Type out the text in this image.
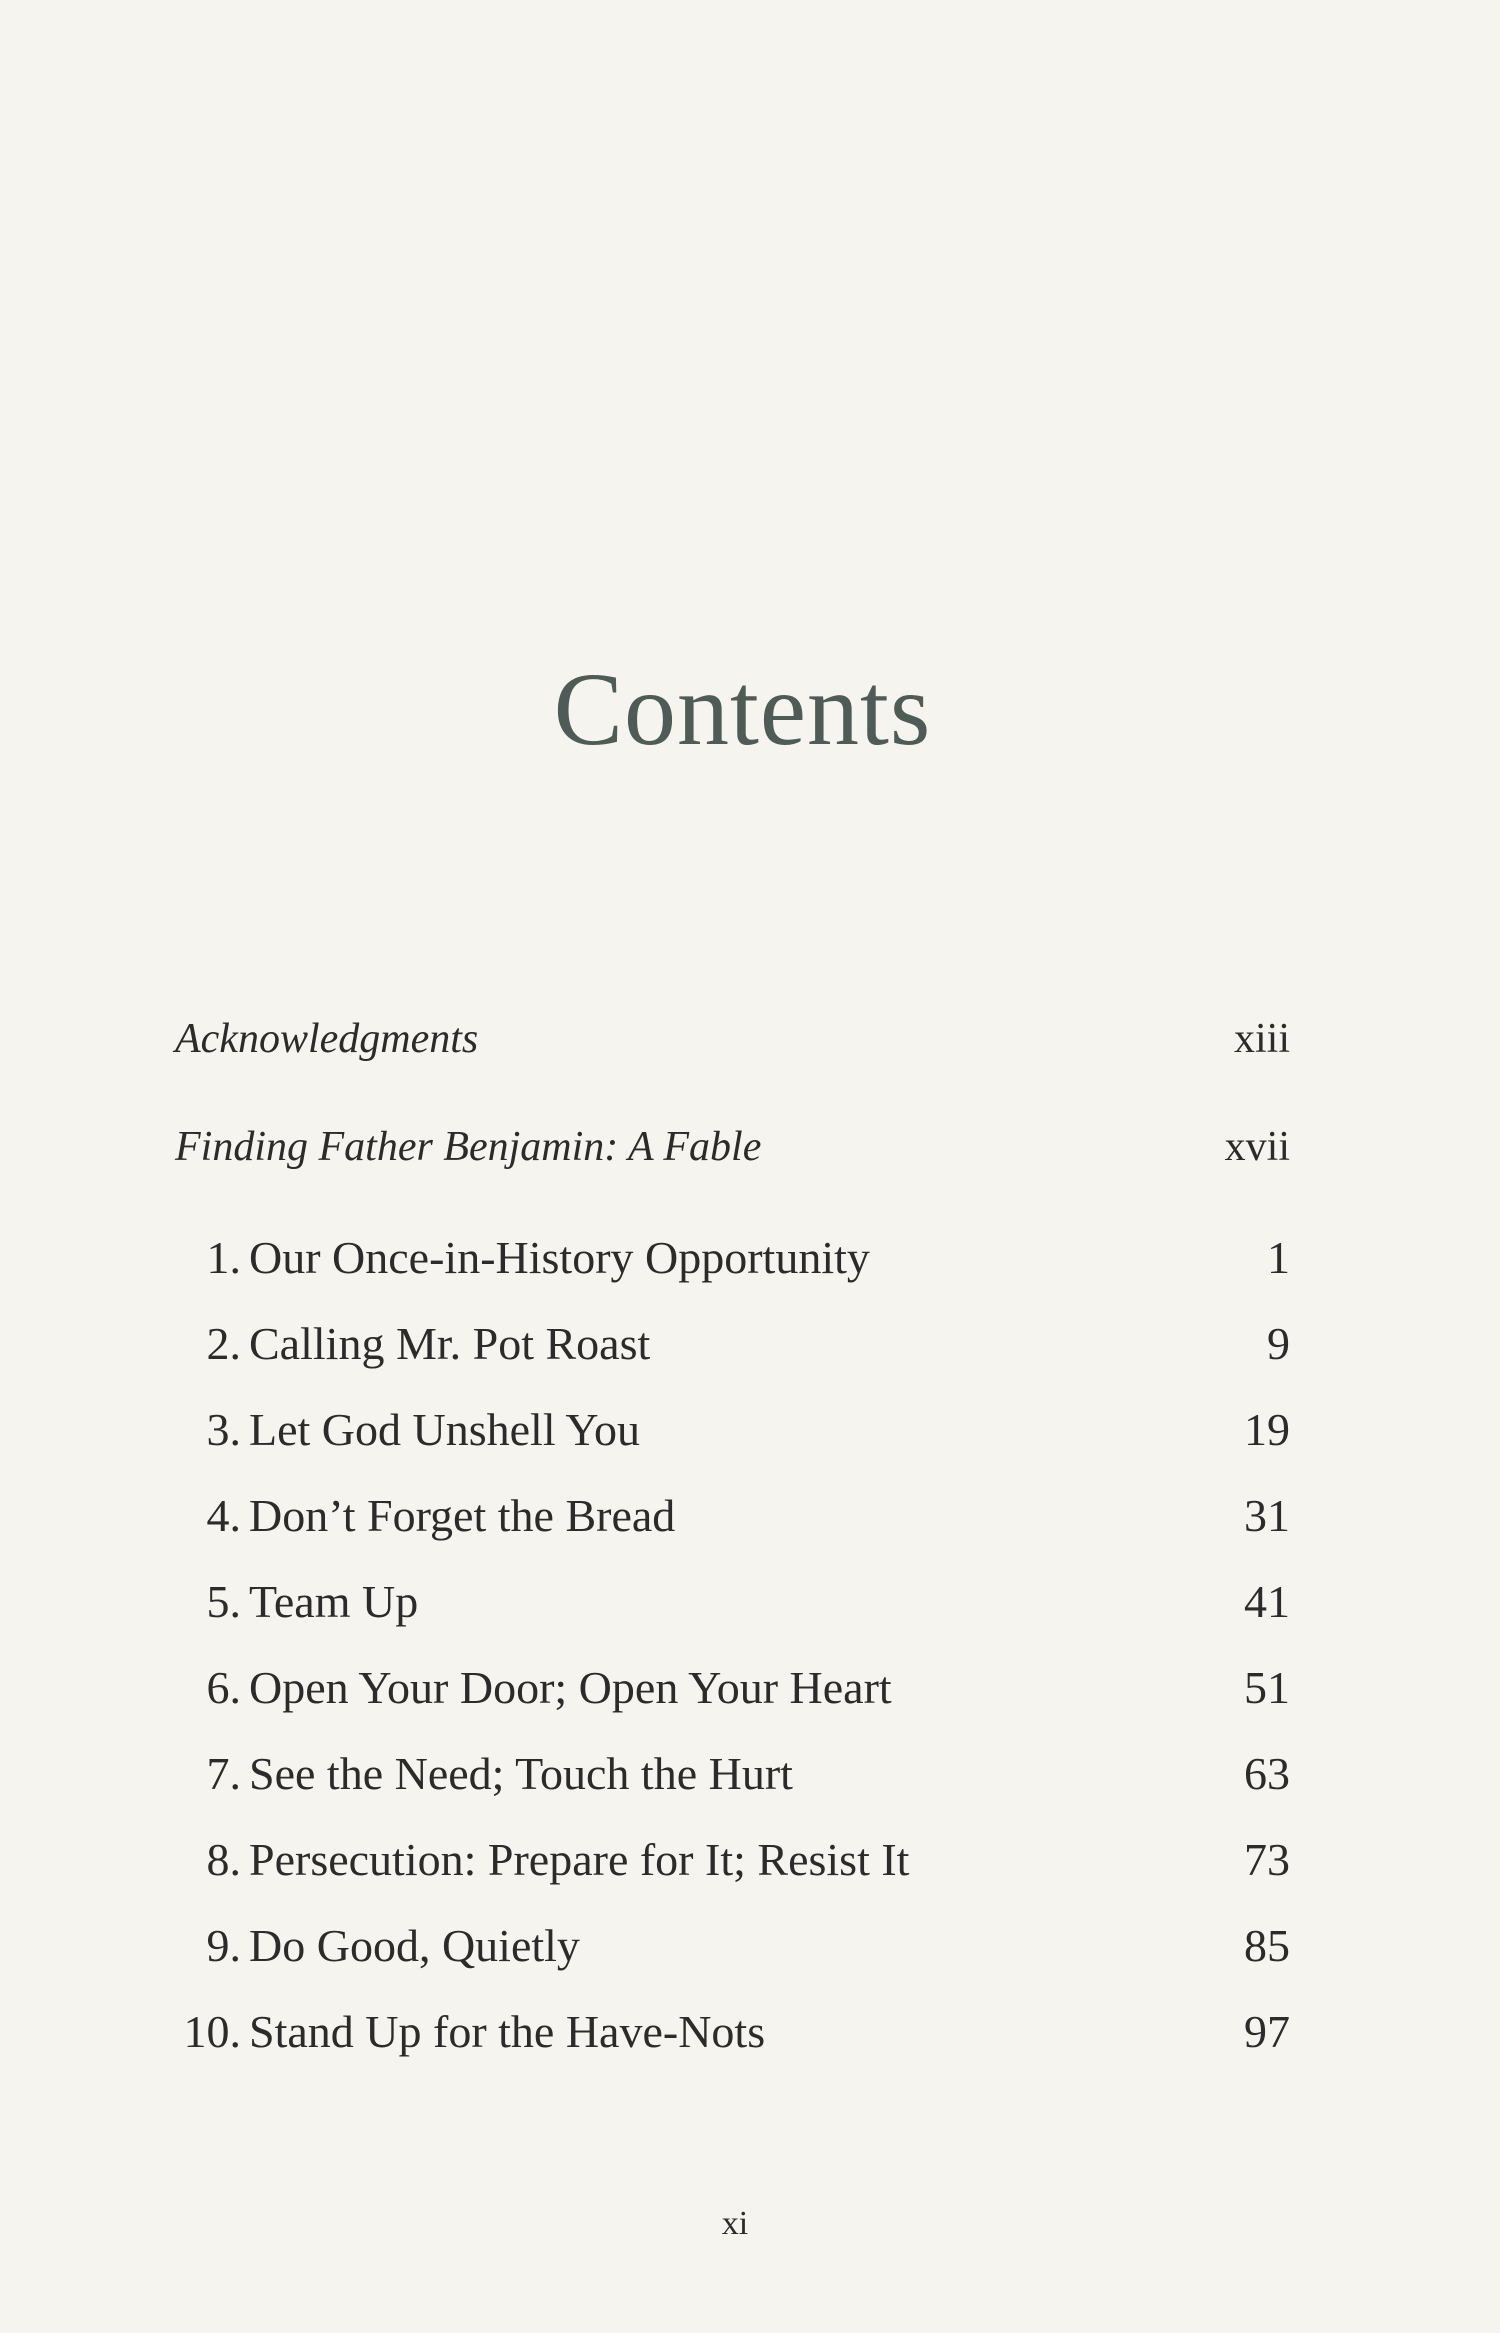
Contents
Acknowledgments	xiii
Finding Father Benjamin: A Fable	xvii
1. Our Once-in-History Opportunity	1
2. Calling Mr. Pot Roast	9
3. Let God Unshell You	19
4. Don’t Forget the Bread	31
5. Team Up	41
6. Open Your Door; Open Your Heart	51
7. See the Need; Touch the Hurt	63
8. Persecution: Prepare for It; Resist It	73
9. Do Good, Quietly	85
10. Stand Up for the Have-Nots	97
xi
